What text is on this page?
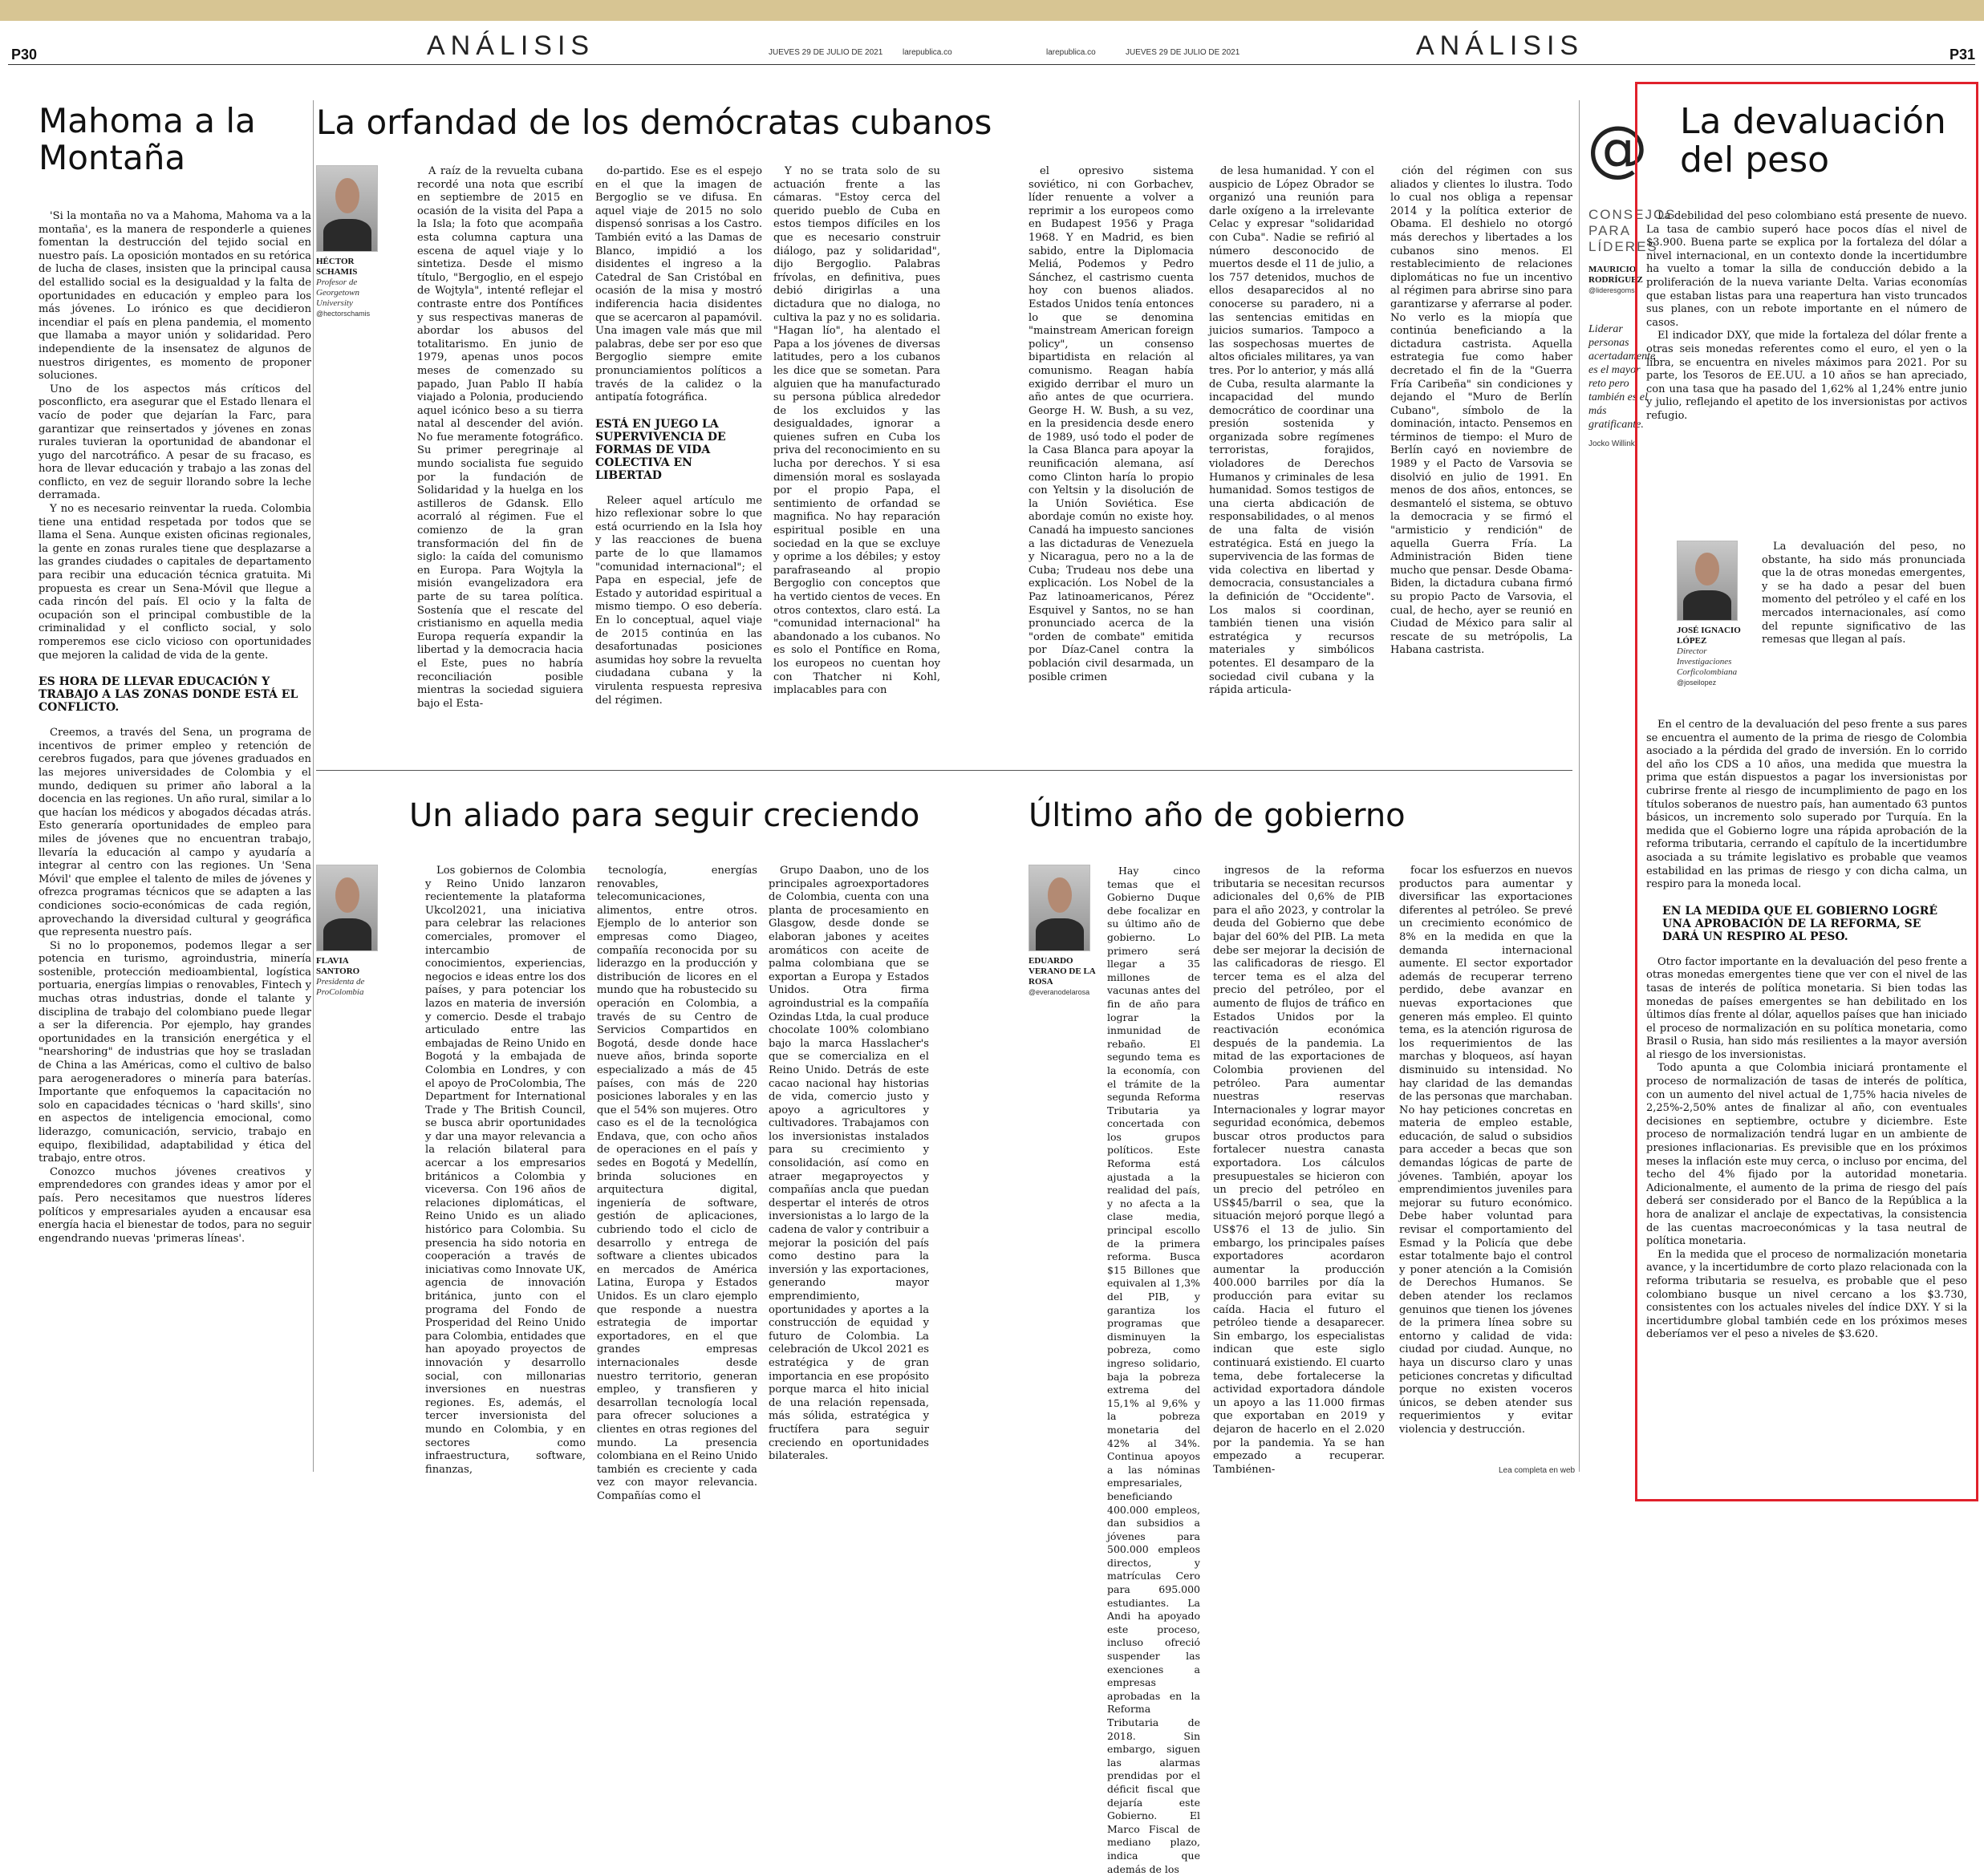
P30	ANÁLISIS	JUEVES 29 DE JULIO DE 2021 larepublica.co	larepublica.co	JUEVES 29 DE JULIO DE 2021	ANÁLISIS	P31
Mahoma a la Montaña

'Si la montaña no va a Mahoma, Mahoma va a la montaña', es la manera de responderle a quienes fomentan la destrucción del tejido social en nuestro país. La oposición montados en su retórica de lucha de clases, insisten que la principal causa del estallido social es la desigualdad y la falta de oportunidades en educación y empleo para los más jóvenes. Lo irónico es que decidieron incendiar el país en plena pandemia, el momento que llamaba a mayor unión y solidaridad. Pero independiente de la insensatez de algunos de nuestros dirigentes, es momento de proponer soluciones.

Uno de los aspectos más críticos del posconflicto, era asegurar que el Estado llenara el vacío de poder que dejarían la Farc, para garantizar que reinsertados y jóvenes en zonas rurales tuvieran la oportunidad de abandonar el yugo del narcotráfico. A pesar de su fracaso, es hora de llevar educación y trabajo a las zonas del conflicto, en vez de seguir llorando sobre la leche derramada.

Y no es necesario reinventar la rueda. Colombia tiene una entidad respetada por todos que se llama el Sena. Aunque existen oficinas regionales, la gente en zonas rurales tiene que desplazarse a las grandes ciudades o capitales de departamento para recibir una educación técnica gratuita. Mi propuesta es crear un Sena-Móvil que llegue a cada rincón del país. El ocio y la falta de ocupación son el principal combustible de la criminalidad y el conflicto social, y solo romperemos ese ciclo vicioso con oportunidades que mejoren la calidad de vida de la gente.

ES HORA DE LLEVAR EDUCACIÓN Y TRABAJO A LAS ZONAS DONDE ESTÁ EL CONFLICTO.

Creemos, a través del Sena, un programa de incentivos de primer empleo y retención de cerebros fugados, para que jóvenes graduados en las mejores universidades de Colombia y el mundo, dediquen su primer año laboral a la docencia en las regiones. Un año rural, similar a lo que hacían los médicos y abogados décadas atrás. Esto generaría oportunidades de empleo para miles de jóvenes que no encuentran trabajo, llevaría la educación al campo y ayudaría a integrar al centro con las regiones. Un 'Sena Móvil' que emplee el talento de miles de jóvenes y ofrezca programas técnicos que se adapten a las condiciones socio-económicas de cada región, aprovechando la diversidad cultural y geográfica que representa nuestro país.

Si no lo proponemos, podemos llegar a ser potencia en turismo, agroindustria, minería sostenible, protección medioambiental, logística portuaria, energías limpias o renovables, Fintech y muchas otras industrias, donde el talante y disciplina de trabajo del colombiano puede llegar a ser la diferencia. Por ejemplo, hay grandes oportunidades en la transición energética y el "nearshoring" de industrias que hoy se trasladan de China a las Américas, como el cultivo de balso para aerogeneradores o minería para baterías. Importante que enfoquemos la capacitación no solo en capacidades técnicas o 'hard skills', sino en aspectos de inteligencia emocional, como liderazgo, comunicación, servicio, trabajo en equipo, flexibilidad, adaptabilidad y ética del trabajo, entre otros.

Conozco muchos jóvenes creativos y emprendedores con grandes ideas y amor por el país. Pero necesitamos que nuestros líderes políticos y empresariales ayuden a encausar esa energía hacia el bienestar de todos, para no seguir engendrando nuevas 'primeras líneas'.

La orfandad de los demócratas cubanos
HÉCTOR SCHAMIS
Profesor de Georgetown University
@hectorschamis

A raíz de la revuelta cubana recordé una nota que escribí en septiembre de 2015 en ocasión de la visita del Papa a la Isla; la foto que acompaña esta columna captura una escena de aquel viaje y lo sintetiza. Desde el mismo título, "Bergoglio, en el espejo de Wojtyla", intenté reflejar el contraste entre dos Pontífices y sus respectivas maneras de abordar los abusos del totalitarismo. En junio de 1979, apenas unos pocos meses de comenzado su papado, Juan Pablo II había viajado a Polonia, produciendo aquel icónico beso a su tierra natal al descender del avión. No fue meramente fotográfico. Su primer peregrinaje al mundo socialista fue seguido por la fundación de Solidaridad y la huelga en los astilleros de Gdansk. Ello acorraló al régimen. Fue el comienzo de la gran transformación del fin de siglo: la caída del comunismo en Europa. Para Wojtyla la misión evangelizadora era parte de su tarea política. Sostenía que el rescate del cristianismo en aquella media Europa requería expandir la libertad y la democracia hacia el Este, pues no habría reconciliación posible mientras la sociedad siguiera bajo el Esta-

do-partido. Ese es el espejo en el que la imagen de Bergoglio se ve difusa. En aquel viaje de 2015 no solo dispensó sonrisas a los Castro. También evitó a las Damas de Blanco, impidió a los disidentes el ingreso a la Catedral de San Cristóbal en ocasión de la misa y mostró indiferencia hacia disidentes que se acercaron al papamóvil. Una imagen vale más que mil palabras, debe ser por eso que Bergoglio siempre emite pronunciamientos políticos a través de la calidez o la antipatía fotográfica.

ESTÁ EN JUEGO LA SUPERVIVENCIA DE FORMAS DE VIDA COLECTIVA EN LIBERTAD

Releer aquel artículo me hizo reflexionar sobre lo que está ocurriendo en la Isla hoy y las reacciones de buena parte de lo que llamamos "comunidad internacional"; el Papa en especial, jefe de Estado y autoridad espiritual a mismo tiempo. O eso debería. En lo conceptual, aquel viaje de 2015 continúa en las desafortunadas posiciones asumidas hoy sobre la revuelta ciudadana cubana y la virulenta respuesta represiva del régimen.

Y no se trata solo de su actuación frente a las cámaras. "Estoy cerca del querido pueblo de Cuba en estos tiempos difíciles en los que es necesario construir diálogo, paz y solidaridad", dijo Bergoglio. Palabras frívolas, en definitiva, pues debió dirigirlas a una dictadura que no dialoga, no cultiva la paz y no es solidaria. "Hagan lío", ha alentado el Papa a los jóvenes de diversas latitudes, pero a los cubanos les dice que se sometan. Para alguien que ha manufacturado su persona pública alrededor de los excluidos y las desigualdades, ignorar a quienes sufren en Cuba los priva del reconocimiento en su lucha por derechos. Y si esa dimensión moral es soslayada por el propio Papa, el sentimiento de orfandad se magnifica. No hay reparación espiritual posible en una sociedad en la que se excluye y oprime a los débiles; y estoy parafraseando al propio Bergoglio con conceptos que ha vertido cientos de veces. En otros contextos, claro está. La "comunidad internacional" ha abandonado a los cubanos. No es solo el Pontífice en Roma, los europeos no cuentan hoy con Thatcher ni Kohl, implacables para con

el opresivo sistema soviético, ni con Gorbachev, líder renuente a volver a reprimir a los europeos como en Budapest 1956 y Praga 1968. Y en Madrid, es bien sabido, entre la Diplomacia Meliá, Podemos y Pedro Sánchez, el castrismo cuenta hoy con buenos aliados. Estados Unidos tenía entonces lo que se denomina "mainstream American foreign policy", un consenso bipartidista en relación al comunismo. Reagan había exigido derribar el muro un año antes de que ocurriera. George H. W. Bush, a su vez, en la presidencia desde enero de 1989, usó todo el poder de la Casa Blanca para apoyar la reunificación alemana, así como Clinton haría lo propio con Yeltsin y la disolución de la Unión Soviética. Ese abordaje común no existe hoy. Canadá ha impuesto sanciones a las dictaduras de Venezuela y Nicaragua, pero no a la de Cuba; Trudeau nos debe una explicación. Los Nobel de la Paz latinoamericanos, Pérez Esquivel y Santos, no se han pronunciado acerca de la "orden de combate" emitida por Díaz-Canel contra la población civil desarmada, un posible crimen

de lesa humanidad. Y con el auspicio de López Obrador se organizó una reunión para darle oxígeno a la irrelevante Celac y expresar "solidaridad con Cuba". Nadie se refirió al número desconocido de muertos desde el 11 de julio, a los 757 detenidos, muchos de ellos desaparecidos al no conocerse su paradero, ni a las sentencias emitidas en juicios sumarios. Tampoco a las sospechosas muertes de altos oficiales militares, ya van tres. Por lo anterior, y más allá de Cuba, resulta alarmante la incapacidad del mundo democrático de coordinar una presión sostenida y organizada sobre regímenes terroristas, forajidos, violadores de Derechos Humanos y criminales de lesa humanidad. Somos testigos de una cierta abdicación de responsabilidades, o al menos de una falta de visión estratégica. Está en juego la supervivencia de las formas de vida colectiva en libertad y democracia, consustanciales a la definición de "Occidente". Los malos si coordinan, también tienen una visión estratégica y recursos materiales y simbólicos potentes. El desamparo de la sociedad civil cubana y la rápida articula-

ción del régimen con sus aliados y clientes lo ilustra. Todo lo cual nos obliga a repensar 2014 y la política exterior de Obama. El deshielo no otorgó más derechos y libertades a los cubanos sino menos. El restablecimiento de relaciones diplomáticas no fue un incentivo al régimen para abrirse sino para garantizarse y aferrarse al poder. No verlo es la miopía que continúa beneficiando a la dictadura castrista. Aquella estrategia fue como haber decretado el fin de la "Guerra Fría Caribeña" sin condiciones y dejando el "Muro de Berlín Cubano", símbolo de la dominación, intacto. Pensemos en términos de tiempo: el Muro de Berlín cayó en noviembre de 1989 y el Pacto de Varsovia se disolvió en julio de 1991. En menos de dos años, entonces, se desmanteló el sistema, se obtuvo la democracia y se firmó el "armisticio y rendición" de aquella Guerra Fría. La Administración Biden tiene mucho que pensar. Desde Obama-Biden, la dictadura cubana firmó su propio Pacto de Varsovia, el cual, de hecho, ayer se reunió en Ciudad de México para salir al rescate de su metrópolis, La Habana castrista.

Un aliado para seguir creciendo
FLAVIA SANTORO
Presidenta de ProColombia

Los gobiernos de Colombia y Reino Unido lanzaron recientemente la plataforma Ukcol2021, una iniciativa para celebrar las relaciones comerciales, promover el intercambio de conocimientos, experiencias, negocios e ideas entre los dos países, y para potenciar los lazos en materia de inversión y comercio. Desde el trabajo articulado entre las embajadas de Reino Unido en Bogotá y la embajada de Colombia en Londres, y con el apoyo de ProColombia, The Department for International Trade y The British Council, se busca abrir oportunidades y dar una mayor relevancia a la relación bilateral para acercar a los empresarios británicos a Colombia y viceversa. Con 196 años de relaciones diplomáticas, el Reino Unido es un aliado histórico para Colombia. Su presencia ha sido notoria en cooperación a través de iniciativas como Innovate UK, agencia de innovación británica, junto con el programa del Fondo de Prosperidad del Reino Unido para Colombia, entidades que han apoyado proyectos de innovación y desarrollo social, con millonarias inversiones en nuestras regiones. Es, además, el tercer inversionista del mundo en Colombia, y en sectores como infraestructura, software, finanzas,

tecnología, energías renovables, telecomunicaciones, alimentos, entre otros. Ejemplo de lo anterior son empresas como Diageo, compañía reconocida por su liderazgo en la producción y distribución de licores en el mundo que ha robustecido su operación en Colombia, a través de su Centro de Servicios Compartidos en Bogotá, desde donde hace nueve años, brinda soporte especializado a más de 45 países, con más de 220 posiciones laborales y en las que el 54% son mujeres. Otro caso es el de la tecnológica Endava, que, con ocho años de operaciones en el país y sedes en Bogotá y Medellín, brinda soluciones en arquitectura digital, ingeniería de software, gestión de aplicaciones, cubriendo todo el ciclo de desarrollo y entrega de software a clientes ubicados en mercados de América Latina, Europa y Estados Unidos. Es un claro ejemplo que responde a nuestra estrategia de importar exportadores, en el que grandes empresas internacionales desde nuestro territorio, generan empleo, y transfieren y desarrollan tecnología local para ofrecer soluciones a clientes en otras regiones del mundo. La presencia colombiana en el Reino Unido también es creciente y cada vez con mayor relevancia. Compañías como el

Grupo Daabon, uno de los principales agroexportadores de Colombia, cuenta con una planta de procesamiento en Glasgow, desde donde se elaboran jabones y aceites aromáticos con aceite de palma colombiana que se exportan a Europa y Estados Unidos. Otra firma agroindustrial es la compañía Ozindas Ltda, la cual produce chocolate 100% colombiano bajo la marca Hasslacher's que se comercializa en el Reino Unido. Detrás de este cacao nacional hay historias de vida, comercio justo y apoyo a agricultores y cultivadores. Trabajamos con los inversionistas instalados para su crecimiento y consolidación, así como en atraer megaproyectos y compañías ancla que puedan despertar el interés de otros inversionistas a lo largo de la cadena de valor y contribuir a mejorar la posición del país como destino para la inversión y las exportaciones, generando mayor emprendimiento, oportunidades y aportes a la construcción de equidad y futuro de Colombia. La celebración de Ukcol 2021 es estratégica y de gran importancia en ese propósito porque marca el hito inicial de una relación repensada, más sólida, estratégica y fructífera para seguir creciendo en oportunidades bilaterales.

Último año de gobierno
EDUARDO VERANO DE LA ROSA
@everanodelarosa

Hay cinco temas que el Gobierno Duque debe focalizar en su último año de gobierno. Lo primero será llegar a 35 millones de vacunas antes del fin de año para lograr la inmunidad de rebaño. El segundo tema es la economía, con el trámite de la segunda Reforma Tributaria ya concertada con los grupos políticos. Este Reforma está ajustada a la realidad del país, y no afecta a la clase media, principal escollo de la primera reforma. Busca $15 Billones que equivalen al 1,3% del PIB, y garantiza los programas que disminuyen la pobreza, como ingreso solidario, baja la pobreza extrema del 15,1% al 9,6% y la pobreza monetaria del 42% al 34%. Continua apoyos a las nóminas empresariales, beneficiando 400.000 empleos, dan subsidios a jóvenes para 500.000 empleos directos, y matrículas Cero para 695.000 estudiantes. La Andi ha apoyado este proceso, incluso ofreció suspender las exenciones a empresas aprobadas en la Reforma Tributaria de 2018. Sin embargo, siguen las alarmas prendidas por el déficit fiscal que dejaría este Gobierno. El Marco Fiscal de mediano plazo, indica que además de los

ingresos de la reforma tributaria se necesitan recursos adicionales del 0,6% de PIB para el año 2023, y controlar la deuda del Gobierno que debe bajar del 60% del PIB. La meta debe ser mejorar la decisión de las calificadoras de riesgo. El tercer tema es el alza del precio del petróleo, por el aumento de flujos de tráfico en Estados Unidos por la reactivación económica después de la pandemia. La mitad de las exportaciones de Colombia provienen del petróleo. Para aumentar nuestras reservas Internacionales y lograr mayor seguridad económica, debemos buscar otros productos para fortalecer nuestra canasta exportadora. Los cálculos presupuestales se hicieron con un precio del petróleo en US$45/barril o sea, que la situación mejoró porque llegó a US$76 el 13 de julio. Sin embargo, los principales países exportadores acordaron aumentar la producción 400.000 barriles por día la producción para evitar su caída. Hacia el futuro el petróleo tiende a desaparecer. Sin embargo, los especialistas indican que este siglo continuará existiendo. El cuarto tema, debe fortalecerse la actividad exportadora dándole un apoyo a las 11.000 firmas que exportaban en 2019 y dejaron de hacerlo en el 2.020 por la pandemia. Ya se han empezado a recuperar. Tambiénen-

focar los esfuerzos en nuevos productos para aumentar y diversificar las exportaciones diferentes al petróleo. Se prevé un crecimiento económico de 8% en la medida en que la demanda internacional aumente. El sector exportador además de recuperar terreno perdido, debe avanzar en nuevas exportaciones que generen más empleo. El quinto tema, es la atención rigurosa de los requerimientos de las marchas y bloqueos, así hayan disminuido su intensidad. No hay claridad de las demandas de las personas que marchaban. No hay peticiones concretas en materia de empleo estable, educación, de salud o subsidios para acceder a becas que son demandas lógicas de parte de jóvenes. También, apoyar los emprendimientos juveniles para mejorar su futuro económico. Debe haber voluntad para revisar el comportamiento del Esmad y la Policía que debe estar totalmente bajo el control y poner atención a la Comisión de Derechos Humanos. Se deben atender los reclamos genuinos que tienen los jóvenes de la primera línea sobre su entorno y calidad de vida: ciudad por ciudad. Aunque, no haya un discurso claro y unas peticiones concretas y dificultad porque no existen voceros únicos, se deben atender sus requerimientos y evitar violencia y destrucción.

Lea completa en web
@
CONSEJOS
PARA
LÍDERES
MAURICIO RODRÍGUEZ
@lideresgoms
Liderar personas acertadamente es el mayor reto pero también es el más gratificante.
Jocko Willink
La devaluación del peso

La debilidad del peso colombiano está presente de nuevo. La tasa de cambio superó hace pocos días el nivel de $3.900. Buena parte se explica por la fortaleza del dólar a nivel internacional, en un contexto donde la incertidumbre ha vuelto a tomar la silla de conducción debido a la proliferación de la nueva variante Delta. Varias economías que estaban listas para una reapertura han visto truncados sus planes, con un rebote importante en el número de casos.

El indicador DXY, que mide la fortaleza del dólar frente a otras seis monedas referentes como el euro, el yen o la libra, se encuentra en niveles máximos para 2021. Por su parte, los Tesoros de EE.UU. a 10 años se han apreciado, con una tasa que ha pasado del 1,62% al 1,24% entre junio y julio, reflejando el apetito de los inversionistas por activos refugio.

JOSÉ IGNACIO LÓPEZ
Director Investigaciones Corficolombiana
@joseilopez

La devaluación del peso, no obstante, ha sido más pronunciada que la de otras monedas emergentes, y se ha dado a pesar del buen momento del petróleo y el café en los mercados internacionales, así como del repunte significativo de las remesas que llegan al país.

En el centro de la devaluación del peso frente a sus pares se encuentra el aumento de la prima de riesgo de Colombia asociado a la pérdida del grado de inversión. En lo corrido del año los CDS a 10 años, una medida que muestra la prima que están dispuestos a pagar los inversionistas por cubrirse frente al riesgo de incumplimiento de pago en los títulos soberanos de nuestro país, han aumentado 63 puntos básicos, un incremento solo superado por Turquía. En la medida que el Gobierno logre una rápida aprobación de la reforma tributaria, cerrando el capítulo de la incertidumbre asociada a su trámite legislativo es probable que veamos estabilidad en las primas de riesgo y con dicha calma, un respiro para la moneda local.

EN LA MEDIDA QUE EL GOBIERNO LOGRÉ UNA APROBACIÓN DE LA REFORMA, SE DARÁ UN RESPIRO AL PESO.

Otro factor importante en la devaluación del peso frente a otras monedas emergentes tiene que ver con el nivel de las tasas de interés de política monetaria. Si bien todas las monedas de países emergentes se han debilitado en los últimos días frente al dólar, aquellos países que han iniciado el proceso de normalización en su política monetaria, como Brasil o Rusia, han sido más resilientes a la mayor aversión al riesgo de los inversionistas.

Todo apunta a que Colombia iniciará prontamente el proceso de normalización de tasas de interés de política, con un aumento del nivel actual de 1,75% hacia niveles de 2,25%-2,50% antes de finalizar al año, con eventuales decisiones en septiembre, octubre y diciembre. Este proceso de normalización tendrá lugar en un ambiente de presiones inflacionarias. Es previsible que en los próximos meses la inflación este muy cerca, o incluso por encima, del techo del 4% fijado por la autoridad monetaria. Adicionalmente, el aumento de la prima de riesgo del país deberá ser considerado por el Banco de la República a la hora de analizar el anclaje de expectativas, la consistencia de las cuentas macroeconómicas y la tasa neutral de política monetaria.

En la medida que el proceso de normalización monetaria avance, y la incertidumbre de corto plazo relacionada con la reforma tributaria se resuelva, es probable que el peso colombiano busque un nivel cercano a los $3.730, consistentes con los actuales niveles del índice DXY. Y si la incertidumbre global también cede en los próximos meses deberíamos ver el peso a niveles de $3.620.
